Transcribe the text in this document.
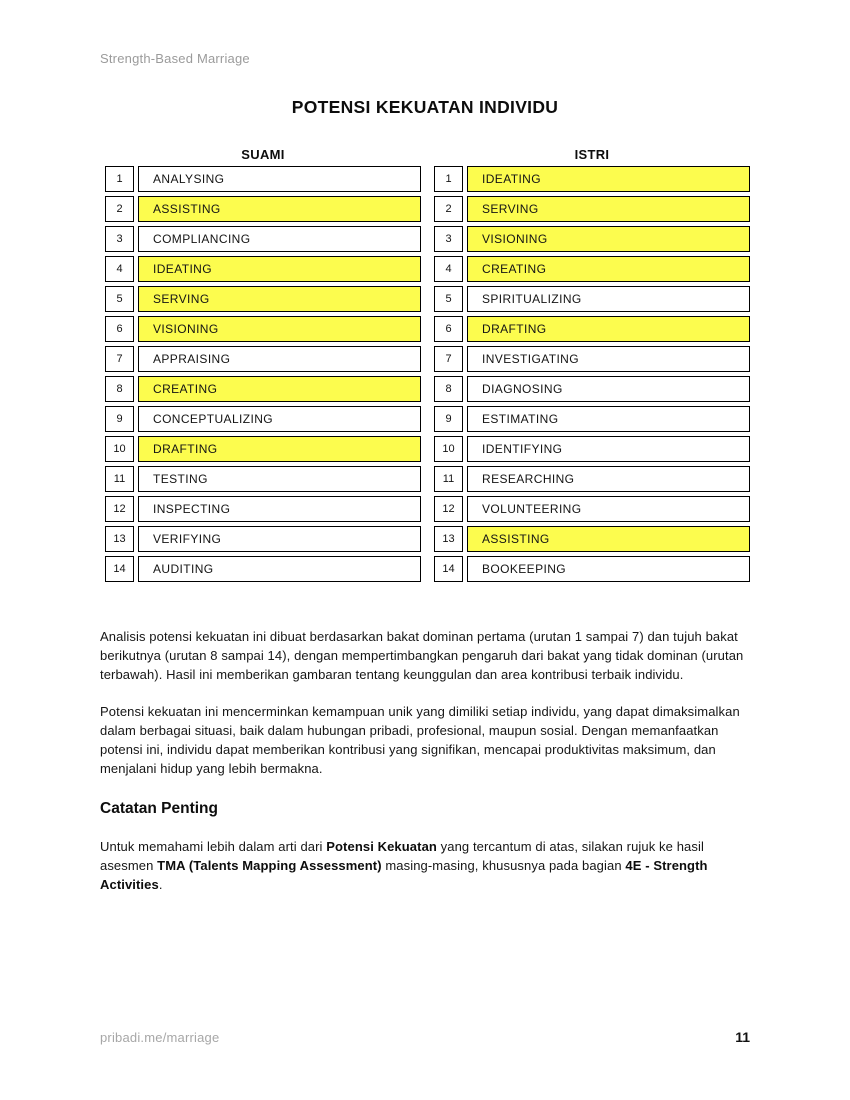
Strength-Based Marriage
POTENSI KEKUATAN INDIVIDU
SUAMI
1	ANALYSING
2	ASSISTING
3	COMPLIANCING
4	IDEATING
5	SERVING
6	VISIONING
7	APPRAISING
8	CREATING
9	CONCEPTUALIZING
10	DRAFTING
11	TESTING
12	INSPECTING
13	VERIFYING
14	AUDITING
ISTRI
1	IDEATING
2	SERVING
3	VISIONING
4	CREATING
5	SPIRITUALIZING
6	DRAFTING
7	INVESTIGATING
8	DIAGNOSING
9	ESTIMATING
10	IDENTIFYING
11	RESEARCHING
12	VOLUNTEERING
13	ASSISTING
14	BOOKEEPING

Analisis potensi kekuatan ini dibuat berdasarkan bakat dominan pertama (urutan 1 sampai 7) dan tujuh bakat berikutnya (urutan 8 sampai 14), dengan mempertimbangkan pengaruh dari bakat yang tidak dominan (urutan terbawah). Hasil ini memberikan gambaran tentang keunggulan dan area kontribusi terbaik individu.

Potensi kekuatan ini mencerminkan kemampuan unik yang dimiliki setiap individu, yang dapat dimaksimalkan dalam berbagai situasi, baik dalam hubungan pribadi, profesional, maupun sosial. Dengan memanfaatkan potensi ini, individu dapat memberikan kontribusi yang signifikan, mencapai produktivitas maksimum, dan menjalani hidup yang lebih bermakna.

Catatan Penting

Untuk memahami lebih dalam arti dari Potensi Kekuatan yang tercantum di atas, silakan rujuk ke hasil asesmen TMA (Talents Mapping Assessment) masing-masing, khususnya pada bagian 4E - Strength Activities.

pribadi.me/marriage	11
